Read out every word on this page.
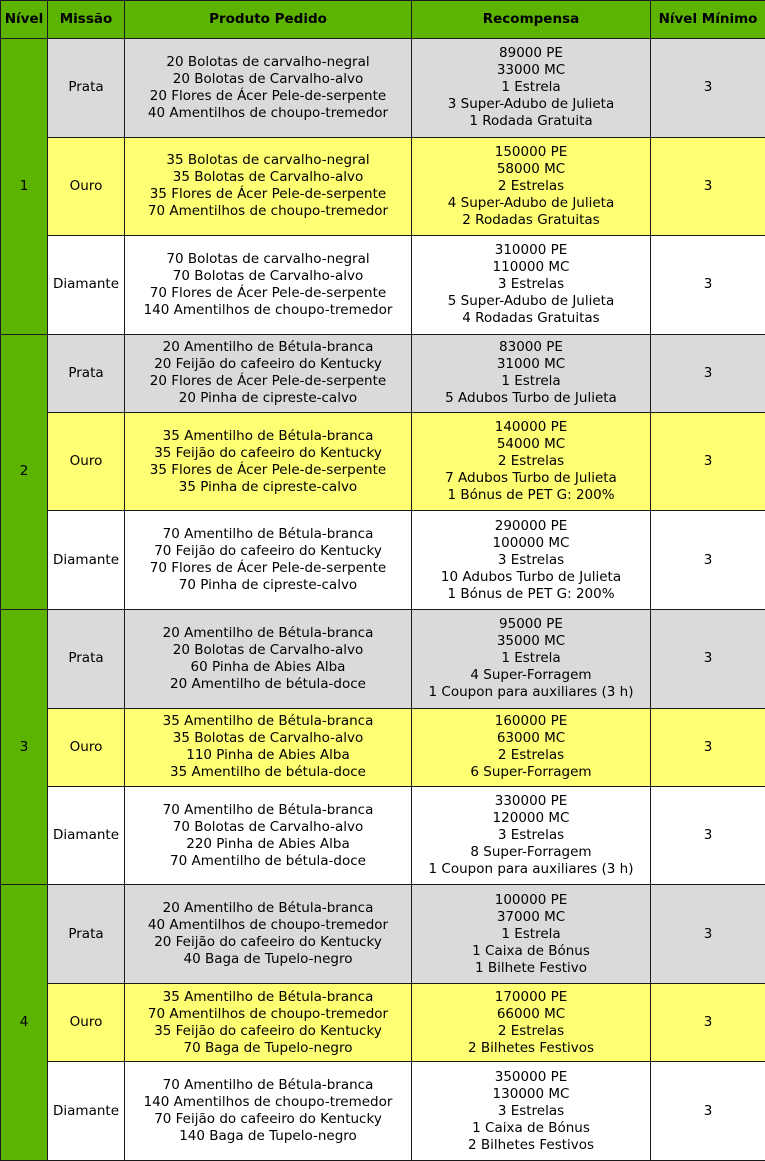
Nível	Missão	Produto Pedido	Recompensa	Nível Mínimo
1	Prata	20 Bolotas de carvalho-negral
20 Bolotas de Carvalho-alvo
20 Flores de Ácer Pele-de-serpente
40 Amentilhos de choupo-tremedor	89000 PE
33000 MC
1 Estrela
3 Super-Adubo de Julieta
1 Rodada Gratuita	3
	Ouro	35 Bolotas de carvalho-negral
35 Bolotas de Carvalho-alvo
35 Flores de Ácer Pele-de-serpente
70 Amentilhos de choupo-tremedor	150000 PE
58000 MC
2 Estrelas
4 Super-Adubo de Julieta
2 Rodadas Gratuitas	3
	Diamante	70 Bolotas de carvalho-negral
70 Bolotas de Carvalho-alvo
70 Flores de Ácer Pele-de-serpente
140 Amentilhos de choupo-tremedor	310000 PE
110000 MC
3 Estrelas
5 Super-Adubo de Julieta
4 Rodadas Gratuitas	3
2	Prata	20 Amentilho de Bétula-branca
20 Feijão do cafeeiro do Kentucky
20 Flores de Ácer Pele-de-serpente
20 Pinha de cipreste-calvo	83000 PE
31000 MC
1 Estrela
5 Adubos Turbo de Julieta	3
	Ouro	35 Amentilho de Bétula-branca
35 Feijão do cafeeiro do Kentucky
35 Flores de Ácer Pele-de-serpente
35 Pinha de cipreste-calvo	140000 PE
54000 MC
2 Estrelas
7 Adubos Turbo de Julieta
1 Bónus de PET G: 200%	3
	Diamante	70 Amentilho de Bétula-branca
70 Feijão do cafeeiro do Kentucky
70 Flores de Ácer Pele-de-serpente
70 Pinha de cipreste-calvo	290000 PE
100000 MC
3 Estrelas
10 Adubos Turbo de Julieta
1 Bónus de PET G: 200%	3
3	Prata	20 Amentilho de Bétula-branca
20 Bolotas de Carvalho-alvo
60 Pinha de Abies Alba
20 Amentilho de bétula-doce	95000 PE
35000 MC
1 Estrela
4 Super-Forragem
1 Coupon para auxiliares (3 h)	3
	Ouro	35 Amentilho de Bétula-branca
35 Bolotas de Carvalho-alvo
110 Pinha de Abies Alba
35 Amentilho de bétula-doce	160000 PE
63000 MC
2 Estrelas
6 Super-Forragem	3
	Diamante	70 Amentilho de Bétula-branca
70 Bolotas de Carvalho-alvo
220 Pinha de Abies Alba
70 Amentilho de bétula-doce	330000 PE
120000 MC
3 Estrelas
8 Super-Forragem
1 Coupon para auxiliares (3 h)	3
4	Prata	20 Amentilho de Bétula-branca
40 Amentilhos de choupo-tremedor
20 Feijão do cafeeiro do Kentucky
40 Baga de Tupelo-negro	100000 PE
37000 MC
1 Estrela
1 Caixa de Bónus
1 Bilhete Festivo	3
	Ouro	35 Amentilho de Bétula-branca
70 Amentilhos de choupo-tremedor
35 Feijão do cafeeiro do Kentucky
70 Baga de Tupelo-negro	170000 PE
66000 MC
2 Estrelas
2 Bilhetes Festivos	3
	Diamante	70 Amentilho de Bétula-branca
140 Amentilhos de choupo-tremedor
70 Feijão do cafeeiro do Kentucky
140 Baga de Tupelo-negro	350000 PE
130000 MC
3 Estrelas
1 Caixa de Bónus
2 Bilhetes Festivos	3
